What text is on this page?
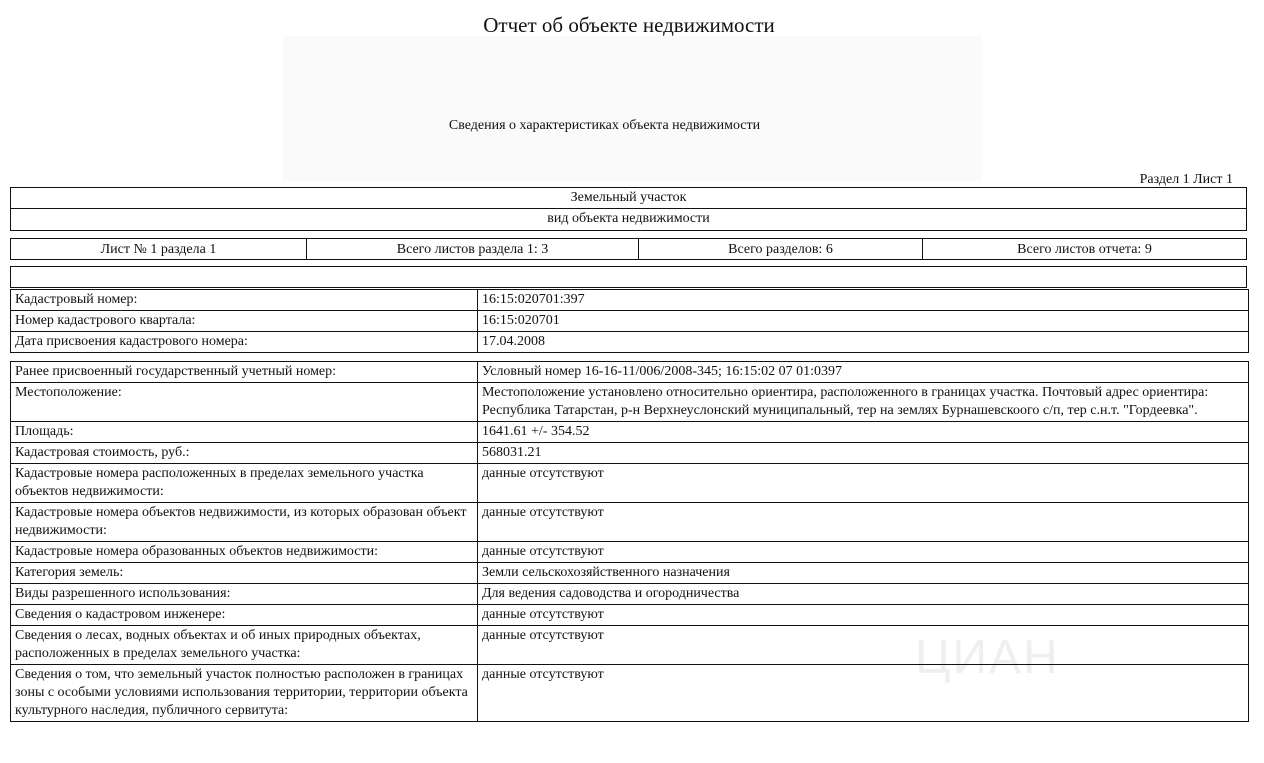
ЦИАН
Отчет об объекте недвижимости
Сведения о характеристиках объекта недвижимости
Раздел 1 Лист 1
Земельный участок
вид объекта недвижимости
Лист № 1 раздела 1	Всего листов раздела 1: 3	Всего разделов: 6	Всего листов отчета: 9
Кадастровый номер:	16:15:020701:397
Номер кадастрового квартала:	16:15:020701
Дата присвоения кадастрового номера:	17.04.2008
Ранее присвоенный государственный учетный номер:	Условный номер 16-16-11/006/2008-345; 16:15:02 07 01:0397
Местоположение:	Местоположение установлено относительно ориентира, расположенного в границах участка. Почтовый адрес ориентира: Республика Татарстан, р-н Верхнеуслонский муниципальный, тер на землях Бурнашевскоого с/п, тер с.н.т. "Гордеевка".
Площадь:	1641.61 +/- 354.52
Кадастровая стоимость, руб.:	568031.21
Кадастровые номера расположенных в пределах земельного участка объектов недвижимости:	данные отсутствуют
Кадастровые номера объектов недвижимости, из которых образован объект недвижимости:	данные отсутствуют
Кадастровые номера образованных объектов недвижимости:	данные отсутствуют
Категория земель:	Земли сельскохозяйственного назначения
Виды разрешенного использования:	Для ведения садоводства и огородничества
Сведения о кадастровом инженере:	данные отсутствуют
Сведения о лесах, водных объектах и об иных природных объектах, расположенных в пределах земельного участка:	данные отсутствуют
Сведения о том, что земельный участок полностью расположен в границах зоны с особыми условиями использования территории, территории объекта культурного наследия, публичного сервитута:	данные отсутствуют
